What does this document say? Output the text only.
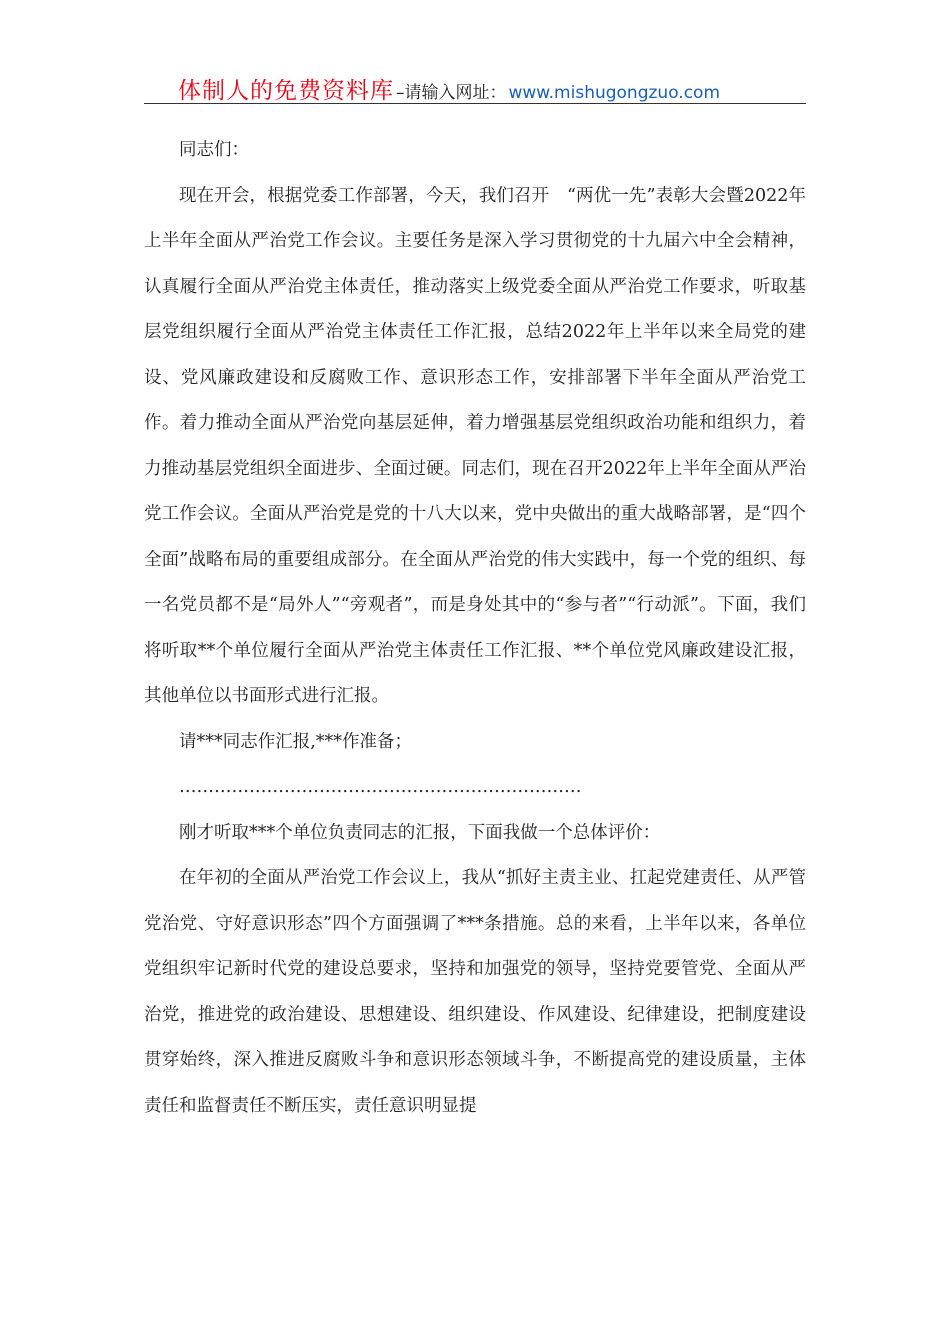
体制人的免费资料库 –请输入网址： www.mishugongzuo.com

同志们：

现在开会，根据党委工作部署，今天，我们召开　“两优一先”表彰大会暨2022年上半年全面从严治党工作会议。主要任务是深入学习贯彻党的十九届六中全会精神，认真履行全面从严治党主体责任，推动落实上级党委全面从严治党工作要求，听取基层党组织履行全面从严治党主体责任工作汇报，总结2022年上半年以来全局党的建设、党风廉政建设和反腐败工作、意识形态工作，安排部署下半年全面从严治党工作。着力推动全面从严治党向基层延伸，着力增强基层党组织政治功能和组织力，着力推动基层党组织全面进步、全面过硬。同志们，现在召开2022年上半年全面从严治党工作会议。全面从严治党是党的十八大以来，党中央做出的重大战略部署，是“四个全面”战略布局的重要组成部分。在全面从严治党的伟大实践中，每一个党的组织、每一名党员都不是“局外人”“旁观者”，而是身处其中的“参与者”“行动派”。下面，我们将听取**个单位履行全面从严治党主体责任工作汇报、**个单位党风廉政建设汇报，其他单位以书面形式进行汇报。

请***同志作汇报,***作准备；

……………………………………………………………

刚才听取***个单位负责同志的汇报，下面我做一个总体评价：

在年初的全面从严治党工作会议上，我从“抓好主责主业、扛起党建责任、从严管党治党、守好意识形态”四个方面强调了***条措施。总的来看，上半年以来，各单位党组织牢记新时代党的建设总要求，坚持和加强党的领导，坚持党要管党、全面从严治党，推进党的政治建设、思想建设、组织建设、作风建设、纪律建设，把制度建设贯穿始终，深入推进反腐败斗争和意识形态领域斗争，不断提高党的建设质量，主体责任和监督责任不断压实，责任意识明显提
